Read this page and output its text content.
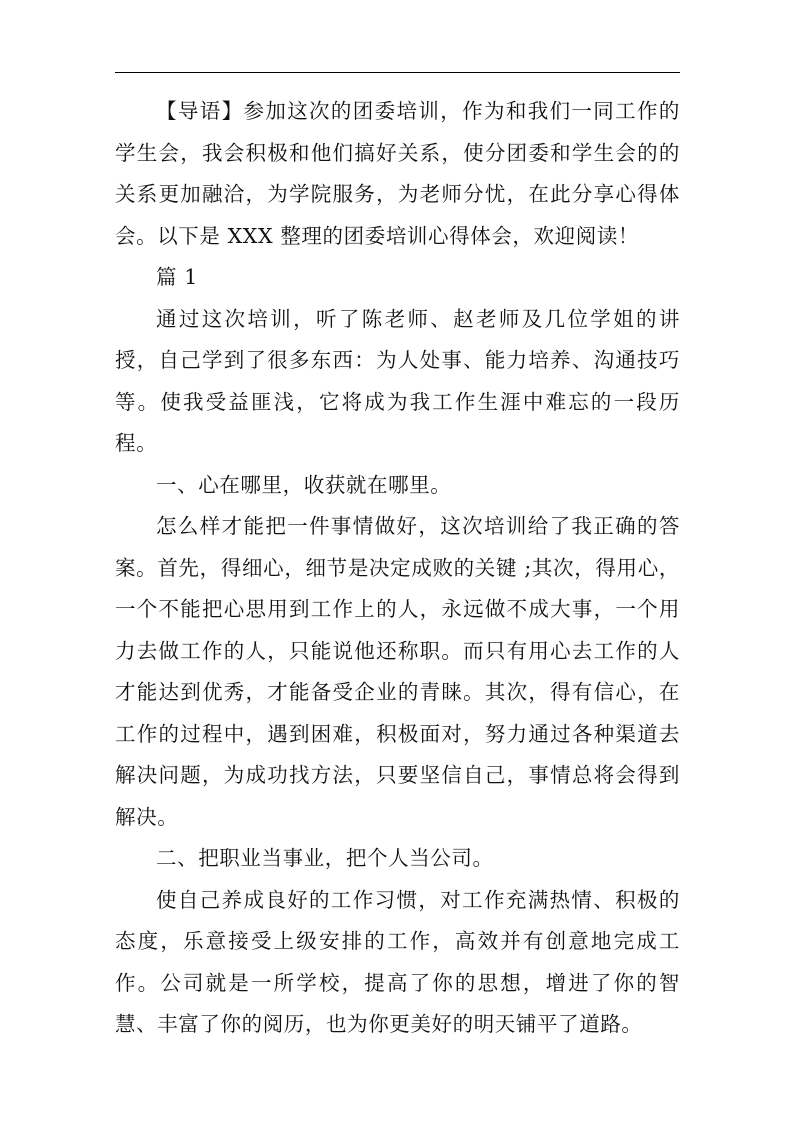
【导语】参加这次的团委培训，作为和我们一同工作的学生会，我会积极和他们搞好关系，使分团委和学生会的的关系更加融洽，为学院服务，为老师分忧，在此分享心得体会。以下是 XXX 整理的团委培训心得体会，欢迎阅读！

篇 1

通过这次培训，听了陈老师、赵老师及几位学姐的讲授，自己学到了很多东西：为人处事、能力培养、沟通技巧等。使我受益匪浅，它将成为我工作生涯中难忘的一段历程。

一、心在哪里，收获就在哪里。

怎么样才能把一件事情做好，这次培训给了我正确的答案。首先，得细心，细节是决定成败的关键 ;其次，得用心，一个不能把心思用到工作上的人，永远做不成大事，一个用力去做工作的人，只能说他还称职。而只有用心去工作的人才能达到优秀，才能备受企业的青睐。其次，得有信心，在工作的过程中，遇到困难，积极面对，努力通过各种渠道去解决问题，为成功找方法，只要坚信自己，事情总将会得到解决。

二、把职业当事业，把个人当公司。

使自己养成良好的工作习惯，对工作充满热情、积极的态度，乐意接受上级安排的工作，高效并有创意地完成工作。公司就是一所学校，提高了你的思想，增进了你的智慧、丰富了你的阅历，也为你更美好的明天铺平了道路。
